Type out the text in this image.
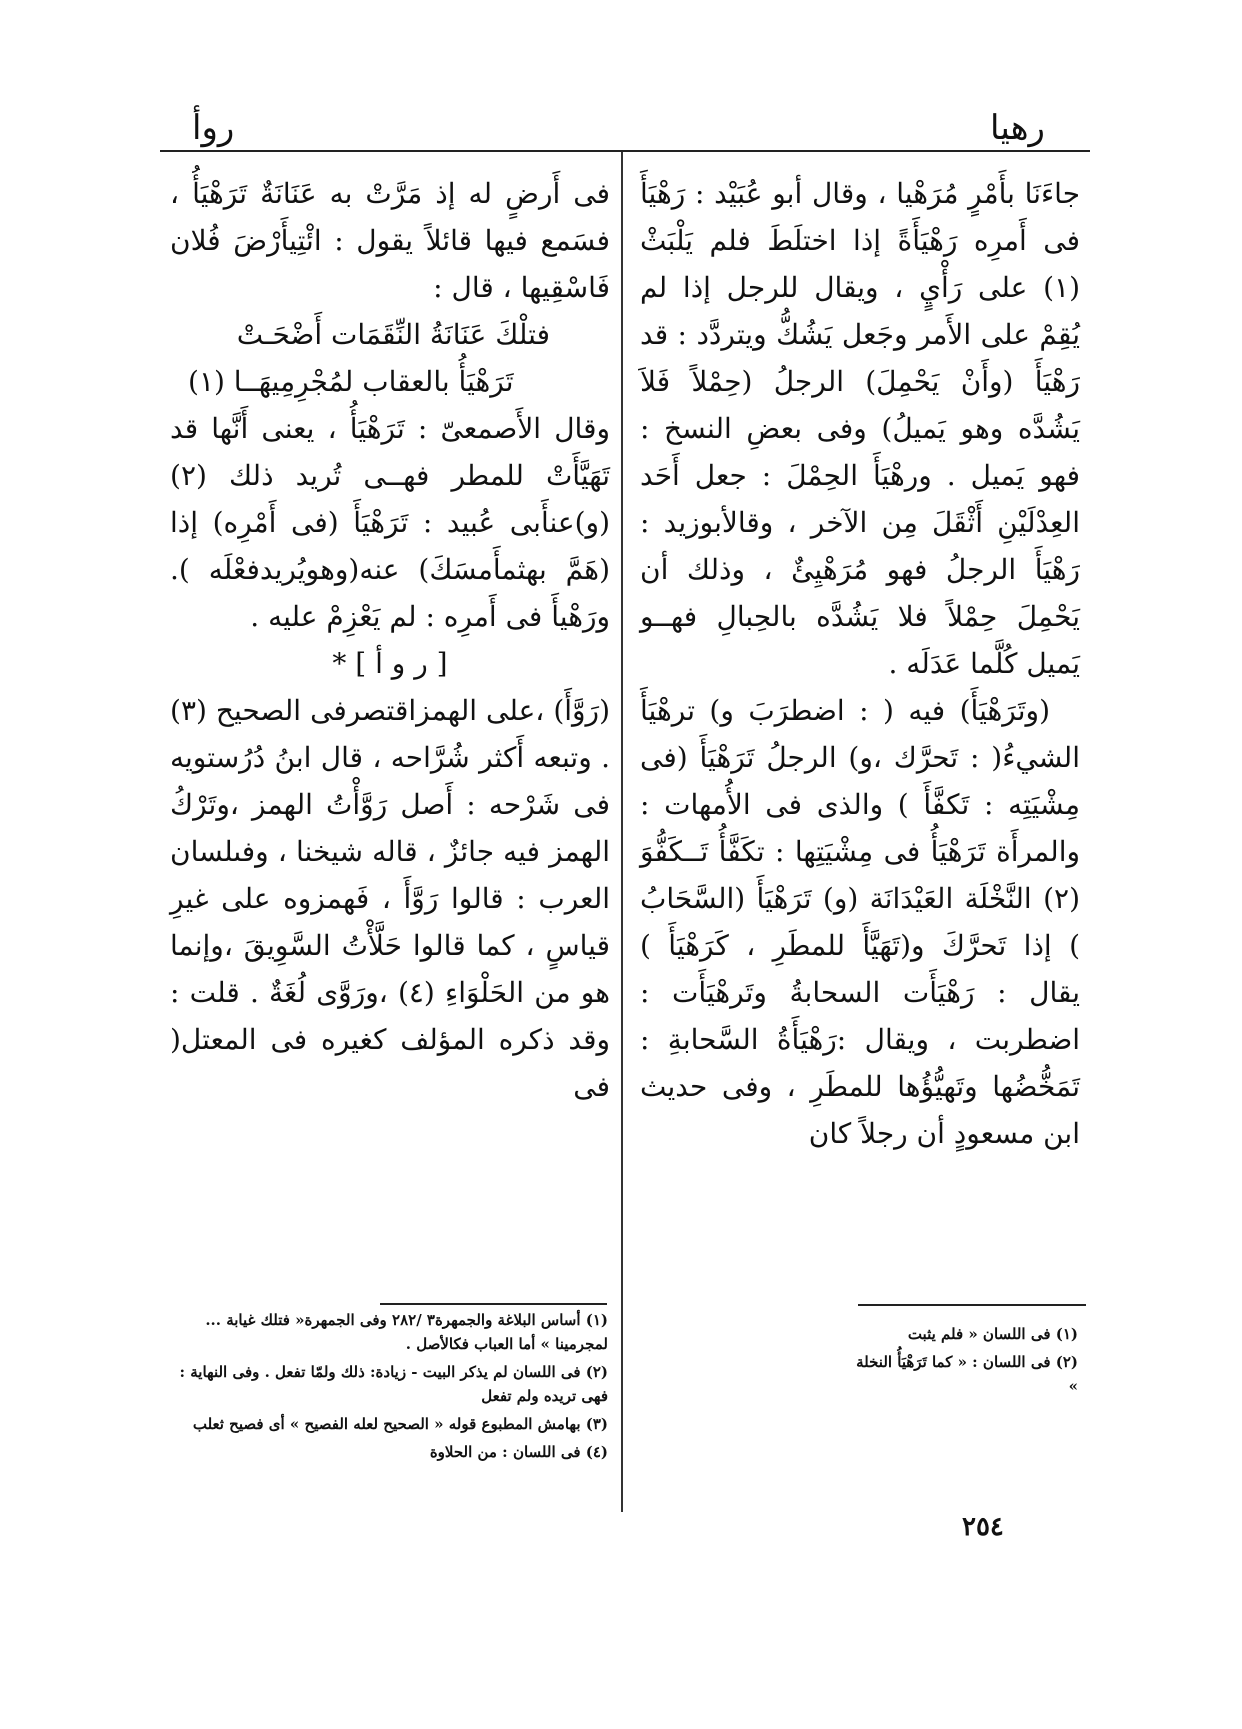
رهيا
روأ

جاءَنَا بأَمْرٍ مُرَهْيا ، وقال أبو عُبَيْد : رَهْيَأَ فى أَمرِه رَهْيَأَةً إذا اختلَطَ فلم يَلْبَثْ (١) على رَأْيٍ ، ويقال للرجل إذا لم يُقِمْ على الأَمر وجَعل يَشُكُّ ويتردَّد : قد رَهْيَأَ (وأَنْ يَحْمِلَ) الرجلُ (حِمْلاً فَلاَ يَشُدَّه وهو يَميلُ) وفى بعضِ النسخ : فهو يَميل . ورهْيَأَ الحِمْلَ : جعل أَحَد العِدْلَيْنِ أَثْقَلَ مِن الآخر ، وقالأبوزيد : رَهْيَأَ الرجلُ فهو مُرَهْيِئٌ ، وذلك أن يَحْمِلَ حِمْلاً فلا يَشُدَّه بالحِبالِ فهــو يَميل كُلَّما عَدَلَه .

(وتَرَهْيَأَ) فيه ( : اضطرَبَ و) ترهْيَأَ الشيءُ( : تَحرَّك ،و) الرجلُ تَرَهْيَأَ (فى مِشْيَتِه : تَكفَّأَ ) والذى فى الأُمهات : والمرأَة تَرَهْيَأُ فى مِشْيَتِها : تكَفَّأُ تَــكَفُّوَ (٢) النَّخْلَة العَيْدَانَة (و) تَرَهْيَأَ (السَّحَابُ ) إذا تَحرَّكَ و(تَهَيَّأَ للمطَرِ ، كَرَهْيَأَ ) يقال : رَهْيَأَت السحابةُ وتَرهْيَأَت : اضطربت ، ويقال :رَهْيَأَةُ السَّحابةِ : تَمَخُّضُها وتَهيُّؤُها للمطَرِ ، وفى حديث ابن مسعودٍ أن رجلاً كان

فى أَرضٍ له إذ مَرَّتْ به عَنَانَةٌ تَرَهْيَأُ ، فسَمع فيها قائلاً يقول : ائْتِيأَرْضَ فُلان فَاسْقِيها ، قال :

فتلْكَ عَنَانَةُ النِّقَمَات أَضْحَـتْ

تَرَهْيَأُ بالعقاب لمُجْرِمِيهَــا (١)

وقال الأَصمعىّ : تَرَهْيَأُ ، يعنى أَنَّها قد تَهَيَّأَتْ للمطر فهــى تُريد ذلك (٢) (و)عنأَبى عُبيد : تَرَهْيَأَ (فى أَمْرِه) إذا (هَمَّ بهثمأَمسَكَ) عنه(وهويُريدفعْلَه ). ورَهْيأَ فى أَمرِه : لم يَعْزِمْ عليه .

[ ر و أ ] *

(رَوَّأَ) ،على الهمزاقتصرفى الصحيح (٣) . وتبعه أَكثر شُرَّاحه ، قال ابنُ دُرُستويه فى شَرْحه : أَصل رَوَّأْتُ الهمز ،وتَرْكُ الهمز فيه جائزٌ ، قاله شيخنا ، وفىلسان العرب : قالوا رَوَّأَ ، فَهمزوه على غيرِ قياسٍ ، كما قالوا حَلَّأْتُ السَّوِيقَ ،وإنما هو من الحَلْوَاءِ (٤) ،ورَوَّى لُغَةٌ . قلت : وقد ذكره المؤلف كغيره فى المعتل( فى

(١) فى اللسان « فلم يثبت

(٢) فى اللسان : « كما تَرَهْيَأُ النخلة »

(١) أساس البلاغة والجمهرة٣ /٢٨٢ وفى الجمهرة« فتلك غيابة ... لمجرمينا » أما العباب فكالأصل .

(٢) فى اللسان لم يذكر البيت - زيادة: ذلك ولمّا تفعل . وفى النهاية : فهى تريده ولم تفعل

(٣) بهامش المطبوع قوله « الصحيح لعله الفصيح » أى فصيح ثعلب

(٤) فى اللسان : من الحلاوة

٢٥٤
